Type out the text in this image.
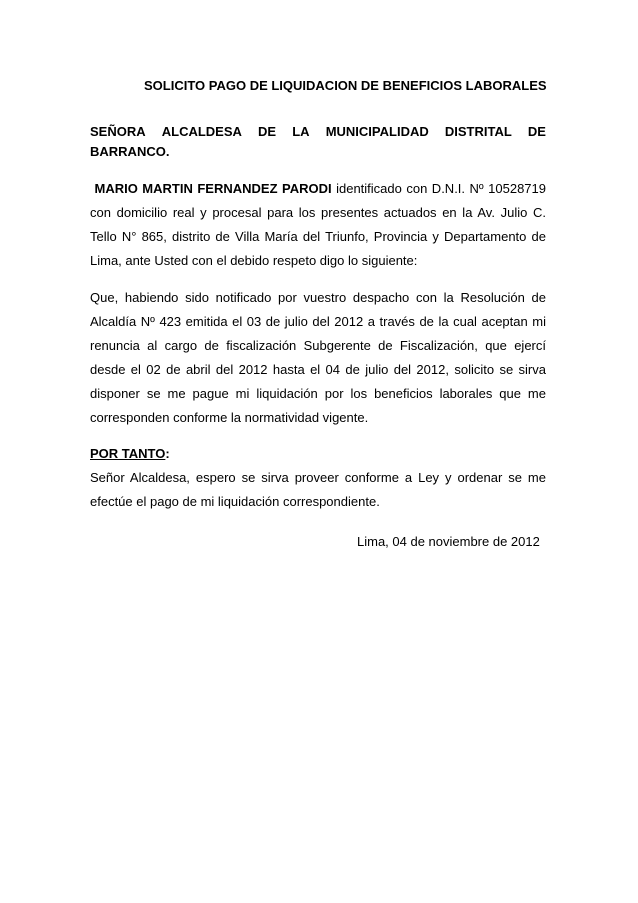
SOLICITO PAGO DE LIQUIDACION DE BENEFICIOS LABORALES
SEÑORA ALCALDESA DE LA MUNICIPALIDAD DISTRITAL DE
BARRANCO.
MARIO MARTIN FERNANDEZ PARODI identificado con D.N.I. Nº 10528719 con domicilio real y procesal para los presentes actuados en la Av. Julio C. Tello N° 865, distrito de Villa María del Triunfo, Provincia y Departamento de Lima, ante Usted con el debido respeto digo lo siguiente:
Que, habiendo sido notificado por vuestro despacho con la Resolución de Alcaldía Nº 423 emitida el 03 de julio del 2012 a través de la cual aceptan mi renuncia al cargo de fiscalización Subgerente de Fiscalización, que ejercí desde el 02 de abril del 2012 hasta el 04 de julio del 2012, solicito se sirva disponer se me pague mi liquidación por los beneficios laborales que me corresponden conforme la normatividad vigente.
POR TANTO:
Señor Alcaldesa, espero se sirva proveer conforme a Ley y ordenar se me efectúe el pago de mi liquidación correspondiente.
Lima, 04 de noviembre de 2012
